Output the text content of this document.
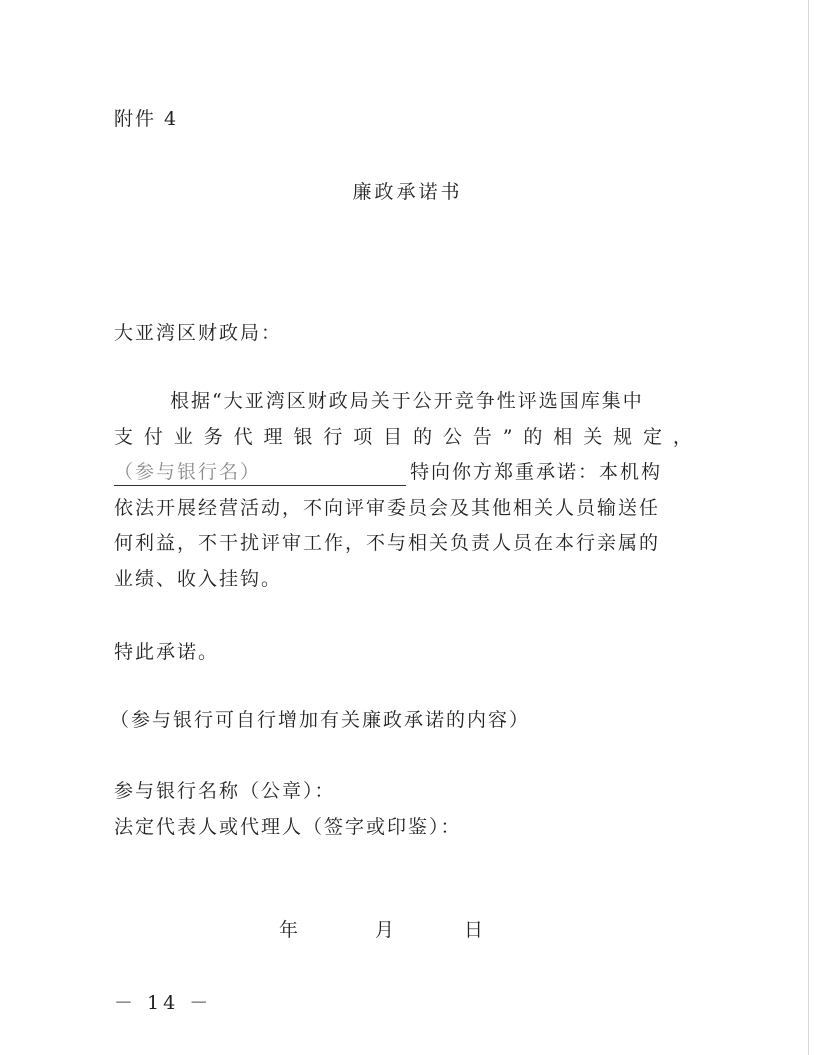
附件 4
廉政承诺书
大亚湾区财政局：

根据“大亚湾区财政局关于公开竞争性评选国库集中

支 付 业 务 代 理 银 行 项 目 的 公 告 ” 的 相 关 规 定 ，

（参与银行名）	特向你方郑重承诺：本机构

依法开展经营活动，不向评审委员会及其他相关人员输送任

何利益，不干扰评审工作，不与相关负责人员在本行亲属的

业绩、收入挂钩。

特此承诺。
（参与银行可自行增加有关廉政承诺的内容）
参与银行名称（公章）：
法定代表人或代理人（签字或印鉴）：
年	月	日
－ 14 －
